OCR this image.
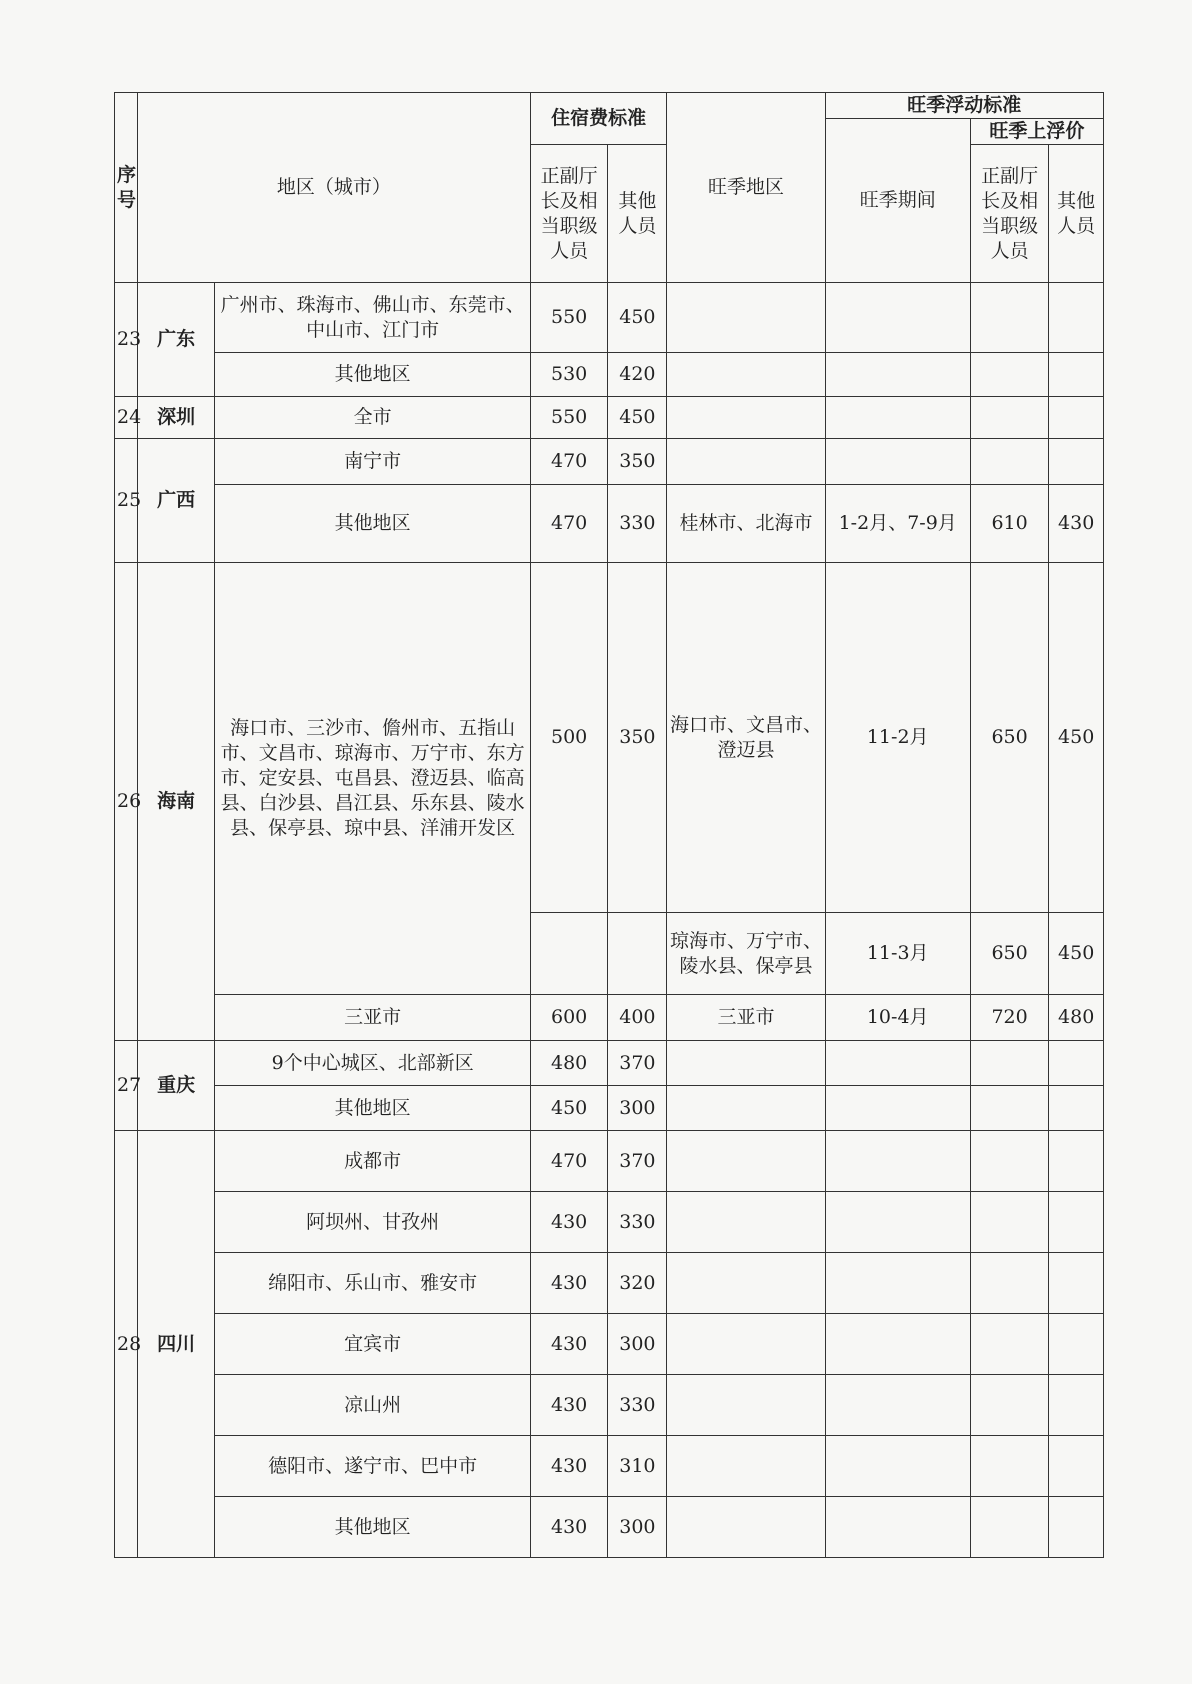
序号	地区（城市）		住宿费标准		旺季地区	旺季浮动标准		
						旺季期间	旺季上浮价	
			正副厅长及相当职级人员	其他人员			正副厅长及相当职级人员	其他人员
23	广东	广州市、珠海市、佛山市、东莞市、中山市、江门市	550	450				
		其他地区	530	420				
24	深圳	全市	550	450				
25	广西	南宁市	470	350				
		其他地区	470	330	桂林市、北海市	1-2月、7-9月	610	430
26	海南	海口市、三沙市、儋州市、五指山市、文昌市、琼海市、万宁市、东方市、定安县、屯昌县、澄迈县、临高县、白沙县、昌江县、乐东县、陵水县、保亭县、琼中县、洋浦开发区	500	350	海口市、文昌市、澄迈县	11-2月	650	450
					琼海市、万宁市、陵水县、保亭县	11-3月	650	450
		三亚市	600	400	三亚市	10-4月	720	480
27	重庆	9个中心城区、北部新区	480	370				
		其他地区	450	300				
28	四川	成都市	470	370				
		阿坝州、甘孜州	430	330				
		绵阳市、乐山市、雅安市	430	320				
		宜宾市	430	300				
		凉山州	430	330				
		德阳市、遂宁市、巴中市	430	310				
		其他地区	430	300				
